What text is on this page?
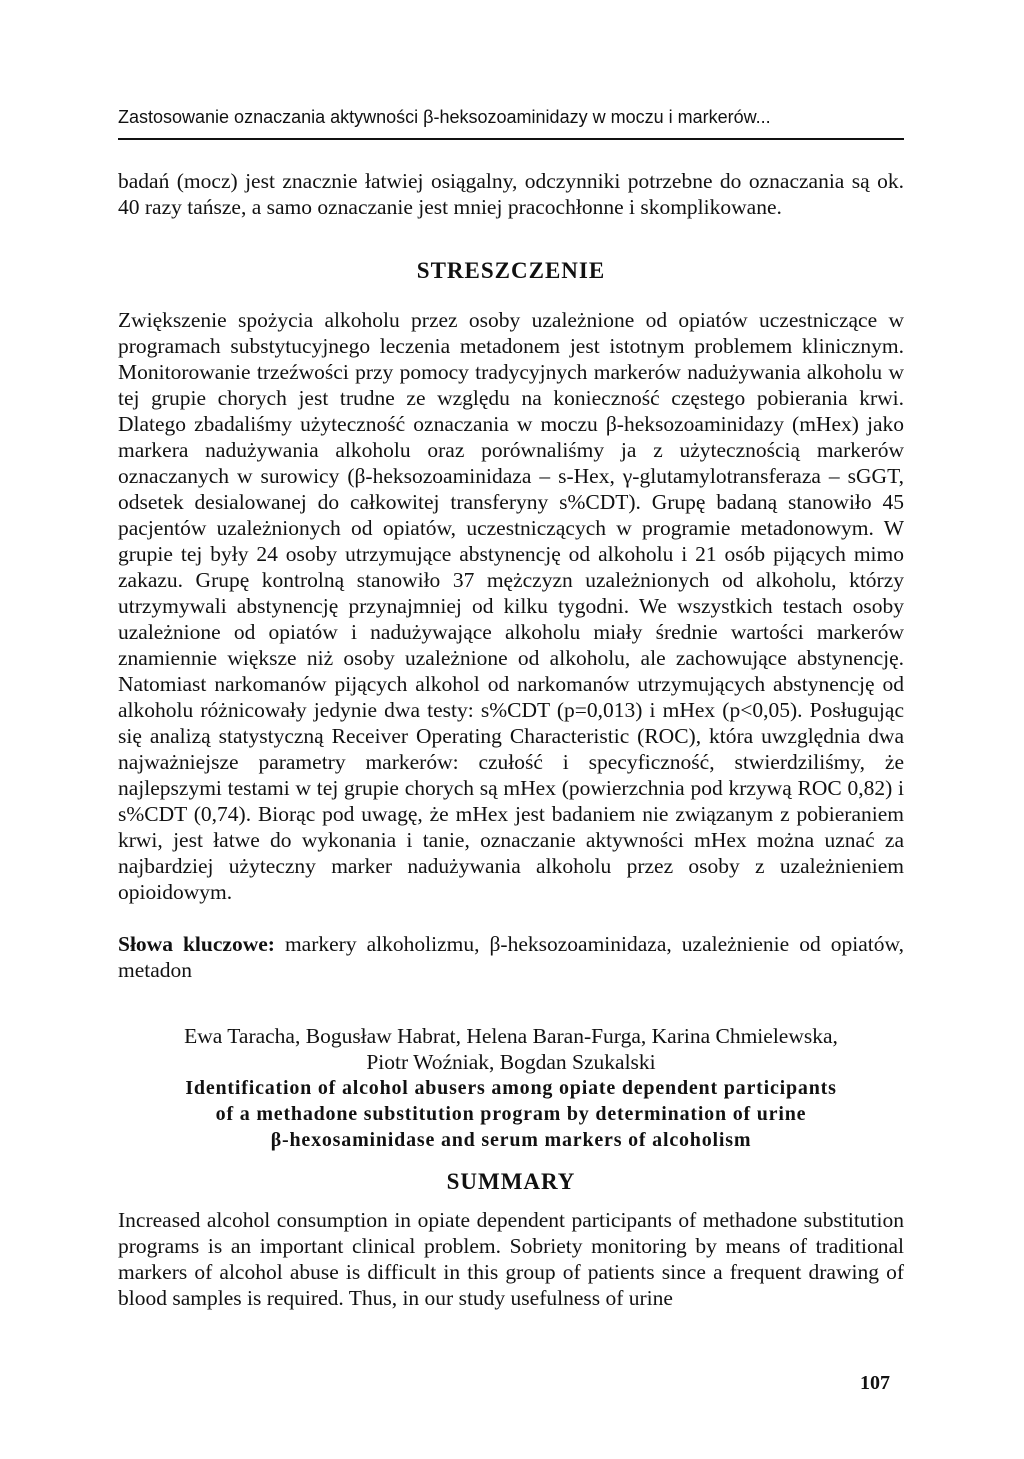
Zastosowanie oznaczania aktywności β-heksozoaminidazy w moczu i markerów...

badań (mocz) jest znacznie łatwiej osiągalny, odczynniki potrzebne do oznaczania są ok. 40 razy tańsze, a samo oznaczanie jest mniej pracochłonne i skomplikowane.

STRESZCZENIE

Zwiększenie spożycia alkoholu przez osoby uzależnione od opiatów uczestniczące w programach substytucyjnego leczenia metadonem jest istotnym problemem klinicznym. Monitorowanie trzeźwości przy pomocy tradycyjnych markerów nadużywania alkoholu w tej grupie chorych jest trudne ze względu na konieczność częstego pobierania krwi. Dlatego zbadaliśmy użyteczność oznaczania w moczu β-heksozoaminidazy (mHex) jako markera nadużywania alkoholu oraz porównaliśmy ja z użytecznością markerów oznaczanych w surowicy (β-heksozoaminidaza – s-Hex, γ-glutamylotransferaza – sGGT, odsetek desialowanej do całkowitej transferyny s%CDT). Grupę badaną stanowiło 45 pacjentów uzależnionych od opiatów, uczestniczących w programie metadonowym. W grupie tej były 24 osoby utrzymujące abstynencję od alkoholu i 21 osób pijących mimo zakazu. Grupę kontrolną stanowiło 37 mężczyzn uzależnionych od alkoholu, którzy utrzymywali abstynencję przynajmniej od kilku tygodni. We wszystkich testach osoby uzależnione od opiatów i nadużywające alkoholu miały średnie wartości markerów znamiennie większe niż osoby uzależnione od alkoholu, ale zachowujące abstynencję. Natomiast narkomanów pijących alkohol od narkomanów utrzymujących abstynencję od alkoholu różnicowały jedynie dwa testy: s%CDT (p=0,013) i mHex (p<0,05). Posługując się analizą statystyczną Receiver Operating Characteristic (ROC), która uwzględnia dwa najważniejsze parametry markerów: czułość i specyficzność, stwierdziliśmy, że najlepszymi testami w tej grupie chorych są mHex (powierzchnia pod krzywą ROC 0,82) i s%CDT (0,74). Biorąc pod uwagę, że mHex jest badaniem nie związanym z pobieraniem krwi, jest łatwe do wykonania i tanie, oznaczanie aktywności mHex można uznać za najbardziej użyteczny marker nadużywania alkoholu przez osoby z uzależnieniem opioidowym.

Słowa kluczowe: markery alkoholizmu, β-heksozoaminidaza, uzależnienie od opiatów, metadon

Ewa Taracha, Bogusław Habrat, Helena Baran-Furga, Karina Chmielewska,
Piotr Woźniak, Bogdan Szukalski
Identification of alcohol abusers among opiate dependent participants
of a methadone substitution program by determination of urine
β-hexosaminidase and serum markers of alcoholism
SUMMARY

Increased alcohol consumption in opiate dependent participants of methadone substitution programs is an important clinical problem. Sobriety monitoring by means of traditional markers of alcohol abuse is difficult in this group of patients since a frequent drawing of blood samples is required. Thus, in our study usefulness of urine

107
